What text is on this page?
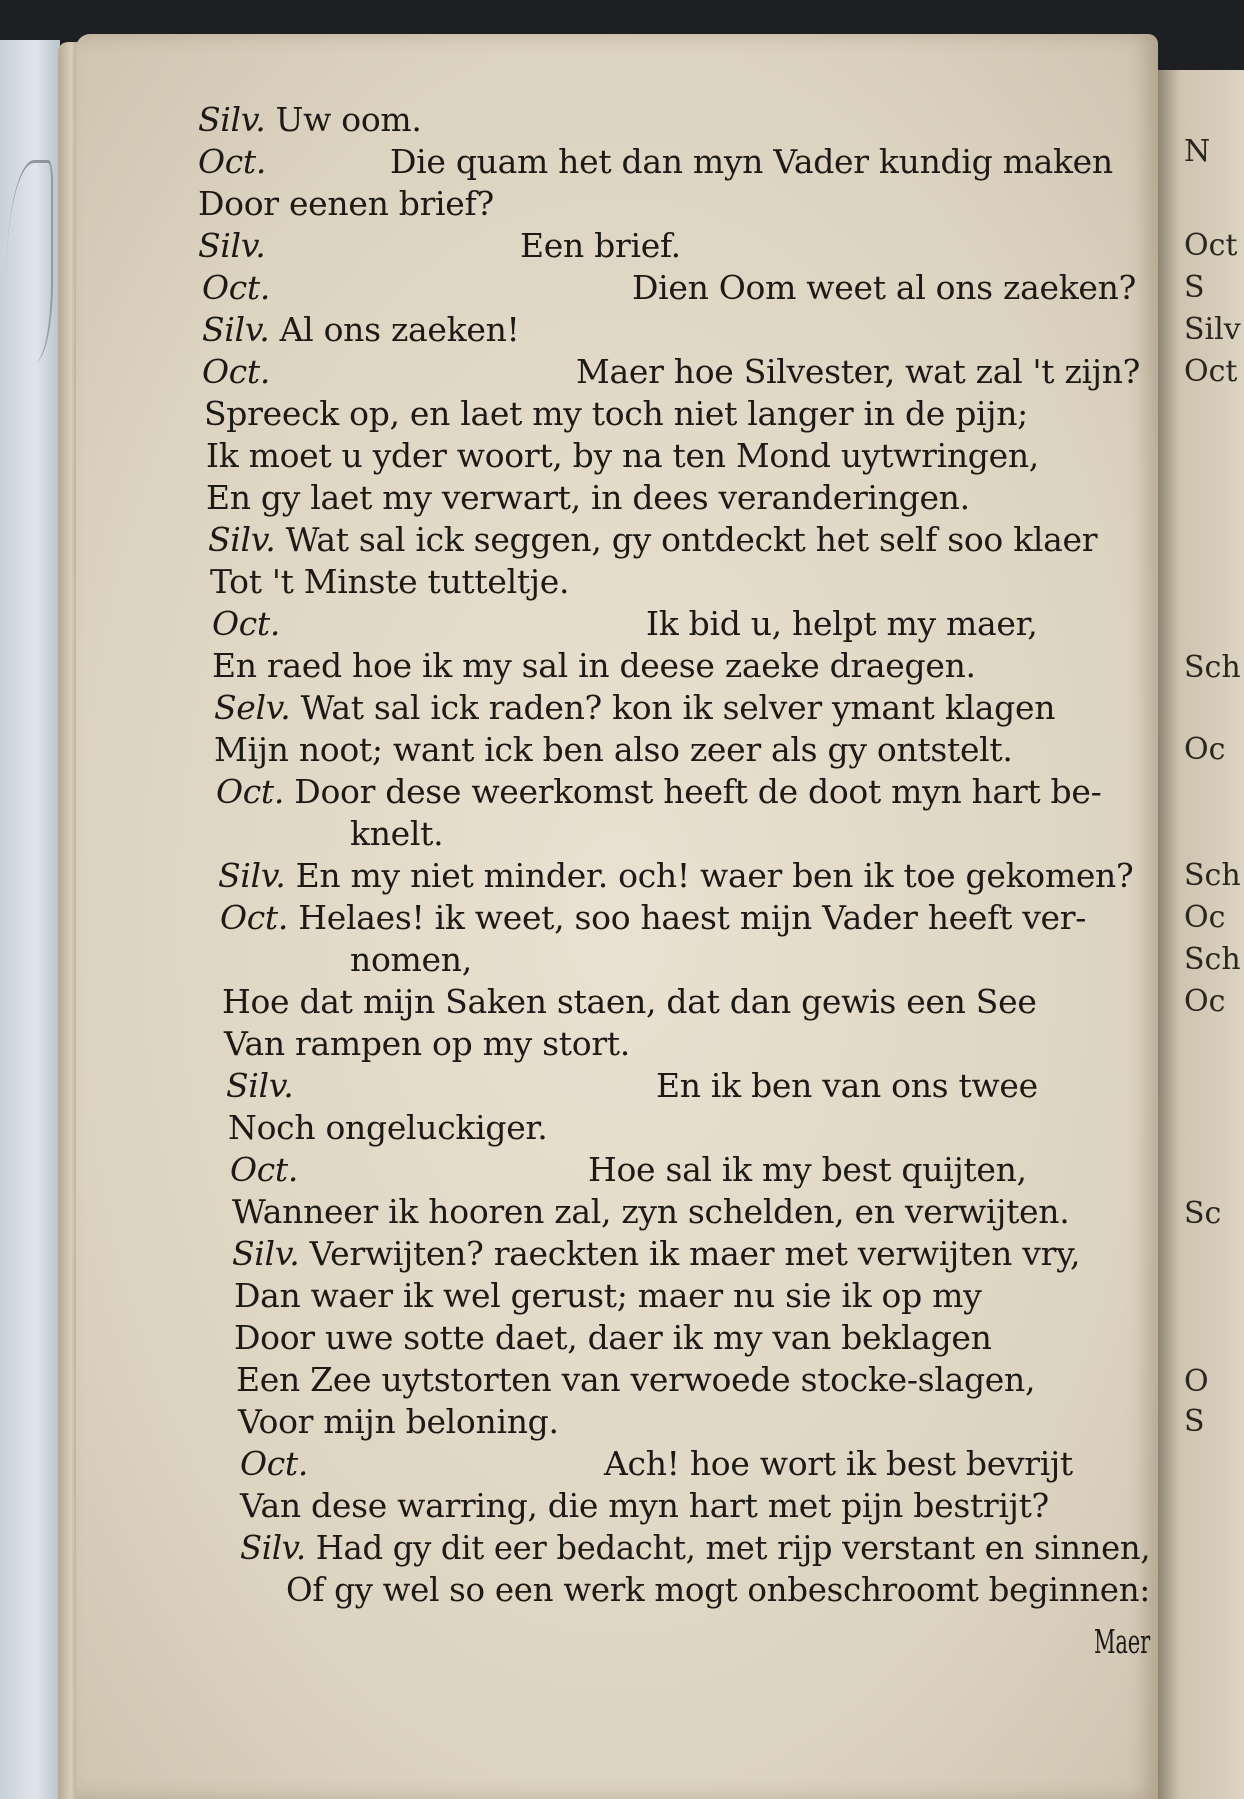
N
Oct
S
Silv
Oct
Sch
Oc
Sch
Oc
Sch
Oc
Sc
O
S
Silv. Uw oom.
Oct.	Die quam het dan myn Vader kundig maken
Door eenen brief?
Silv.	Een brief.
Oct.	Dien Oom weet al ons zaeken?
Silv. Al ons zaeken!
Oct.	Maer hoe Silvester, wat zal 't zijn?
Spreeck op, en laet my toch niet langer in de pijn;
Ik moet u yder woort, by na ten Mond uytwringen,
En gy laet my verwart, in dees veranderingen.
Silv. Wat sal ick seggen, gy ontdeckt het self soo klaer
Tot 't Minste tutteltje.
Oct.	Ik bid u, helpt my maer,
En raed hoe ik my sal in deese zaeke draegen.
Selv. Wat sal ick raden? kon ik selver ymant klagen
Mijn noot; want ick ben also zeer als gy ontstelt.
Oct. Door dese weerkomst heeft de doot myn hart be-
knelt.
Silv. En my niet minder. och! waer ben ik toe gekomen?
Oct. Helaes! ik weet, soo haest mijn Vader heeft ver-
nomen,
Hoe dat mijn Saken staen, dat dan gewis een See
Van rampen op my stort.
Silv.	En ik ben van ons twee
Noch ongeluckiger.
Oct.	Hoe sal ik my best quijten,
Wanneer ik hooren zal, zyn schelden, en verwijten.
Silv. Verwijten? raeckten ik maer met verwijten vry,
Dan waer ik wel gerust; maer nu sie ik op my
Door uwe sotte daet, daer ik my van beklagen
Een Zee uytstorten van verwoede stocke-slagen,
Voor mijn beloning.
Oct.	Ach! hoe wort ik best bevrijt
Van dese warring, die myn hart met pijn bestrijt?
Silv. Had gy dit eer bedacht, met rijp verstant en sinnen,
Of gy wel so een werk mogt onbeschroomt beginnen:
Maer
